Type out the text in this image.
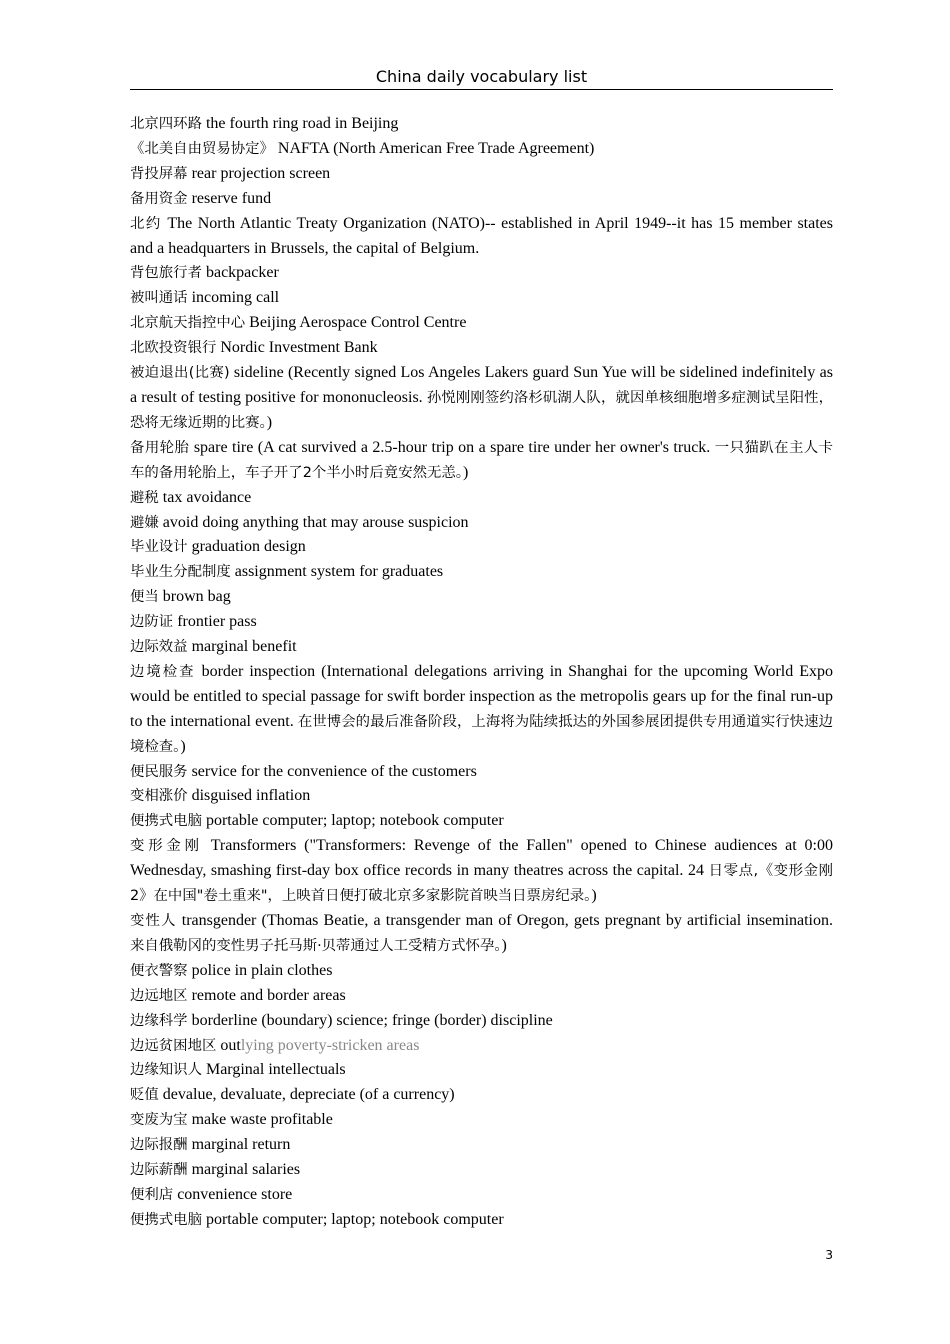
China daily vocabulary list

北京四环路 the fourth ring road in Beijing

《北美自由贸易协定》 NAFTA (North American Free Trade Agreement)

背投屏幕 rear projection screen

备用资金 reserve fund

北约 The North Atlantic Treaty Organization (NATO)-- established in April 1949--it has 15 member states and a headquarters in Brussels, the capital of Belgium.

背包旅行者 backpacker

被叫通话 incoming call

北京航天指控中心 Beijing Aerospace Control Centre

北欧投资银行 Nordic Investment Bank

被迫退出(比赛) sideline (Recently signed Los Angeles Lakers guard Sun Yue will be sidelined indefinitely as a result of testing positive for mononucleosis. 孙悦刚刚签约洛杉矶湖人队，就因单核细胞增多症测试呈阳性，恐将无缘近期的比赛。)

备用轮胎 spare tire (A cat survived a 2.5-hour trip on a spare tire under her owner's truck. 一只猫趴在主人卡车的备用轮胎上，车子开了2个半小时后竟安然无恙。)

避税 tax avoidance

避嫌 avoid doing anything that may arouse suspicion

毕业设计 graduation design

毕业生分配制度 assignment system for graduates

便当 brown bag

边防证 frontier pass

边际效益 marginal benefit

边境检查 border inspection (International delegations arriving in Shanghai for the upcoming World Expo would be entitled to special passage for swift border inspection as the metropolis gears up for the final run-up to the international event. 在世博会的最后准备阶段，上海将为陆续抵达的外国参展团提供专用通道实行快速边境检查。)

便民服务 service for the convenience of the customers

变相涨价 disguised inflation

便携式电脑 portable computer; laptop; notebook computer

变形金刚 Transformers ("Transformers: Revenge of the Fallen" opened to Chinese audiences at 0:00 Wednesday, smashing first-day box office records in many theatres across the capital. 24 日零点,《变形金刚2》在中国"卷土重来"，上映首日便打破北京多家影院首映当日票房纪录。)

变性人 transgender (Thomas Beatie, a transgender man of Oregon, gets pregnant by artificial insemination. 来自俄勒冈的变性男子托马斯·贝蒂通过人工受精方式怀孕。)

便衣警察 police in plain clothes

边远地区 remote and border areas

边缘科学 borderline (boundary) science; fringe (border) discipline

边远贫困地区 outlying poverty-stricken areas

边缘知识人 Marginal intellectuals

贬值 devalue, devaluate, depreciate (of a currency)

变废为宝 make waste profitable

边际报酬 marginal return

边际薪酬 marginal salaries

便利店 convenience store

便携式电脑 portable computer; laptop; notebook computer

3
